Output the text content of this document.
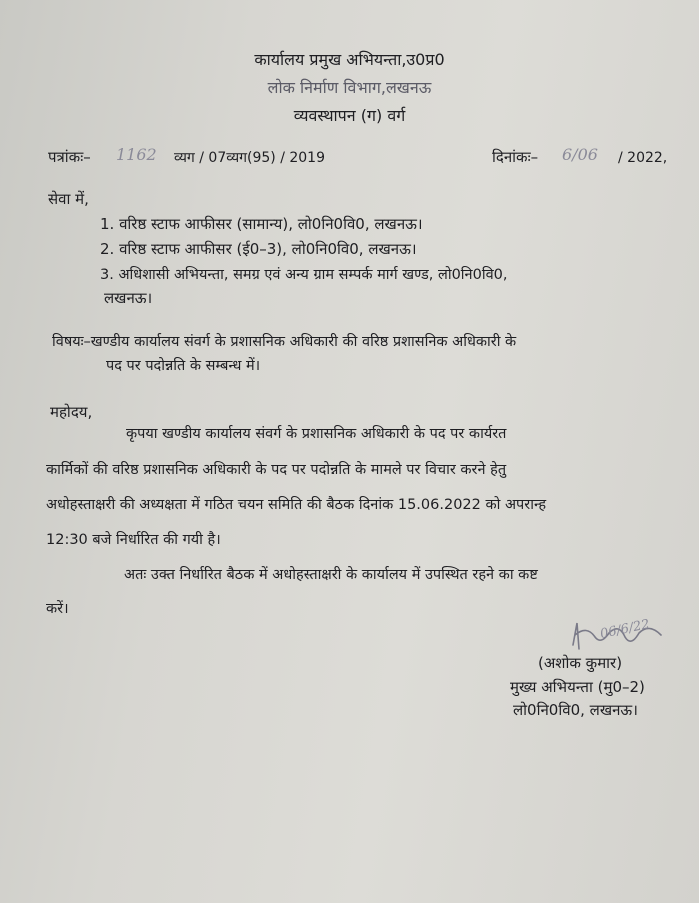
कार्यालय प्रमुख अभियन्ता,उ0प्र0
लोक निर्माण विभाग,लखनऊ
व्यवस्थापन (ग) वर्ग
पत्रांकः– 1162 व्यग / 07व्यग(95) / 2019	दिनांकः– 6/06 / 2022,
सेवा में,
1. वरिष्ठ स्टाफ आफीसर (सामान्य), लो0नि0वि0, लखनऊ।
2. वरिष्ठ स्टाफ आफीसर (ई0–3), लो0नि0वि0, लखनऊ।
3. अधिशासी अभियन्ता, समग्र एवं अन्य ग्राम सम्पर्क मार्ग खण्ड, लो0नि0वि0,
लखनऊ।
विषयः–खण्डीय कार्यालय संवर्ग के प्रशासनिक अधिकारी की वरिष्ठ प्रशासनिक अधिकारी के
पद पर पदोन्नति के सम्बन्ध में।
महोदय,
कृपया खण्डीय कार्यालय संवर्ग के प्रशासनिक अधिकारी के पद पर कार्यरत
कार्मिकों की वरिष्ठ प्रशासनिक अधिकारी के पद पर पदोन्नति के मामले पर विचार करने हेतु
अधोहस्ताक्षरी की अध्यक्षता में गठित चयन समिति की बैठक दिनांक 15.06.2022 को अपरान्ह
12:30 बजे निर्धारित की गयी है।
अतः उक्त निर्धारित बैठक में अधोहस्ताक्षरी के कार्यालय में उपस्थित रहने का कष्ट
करें।
06/6/22
(अशोक कुमार)
मुख्य अभियन्ता (मु0–2)
लो0नि0वि0, लखनऊ।
